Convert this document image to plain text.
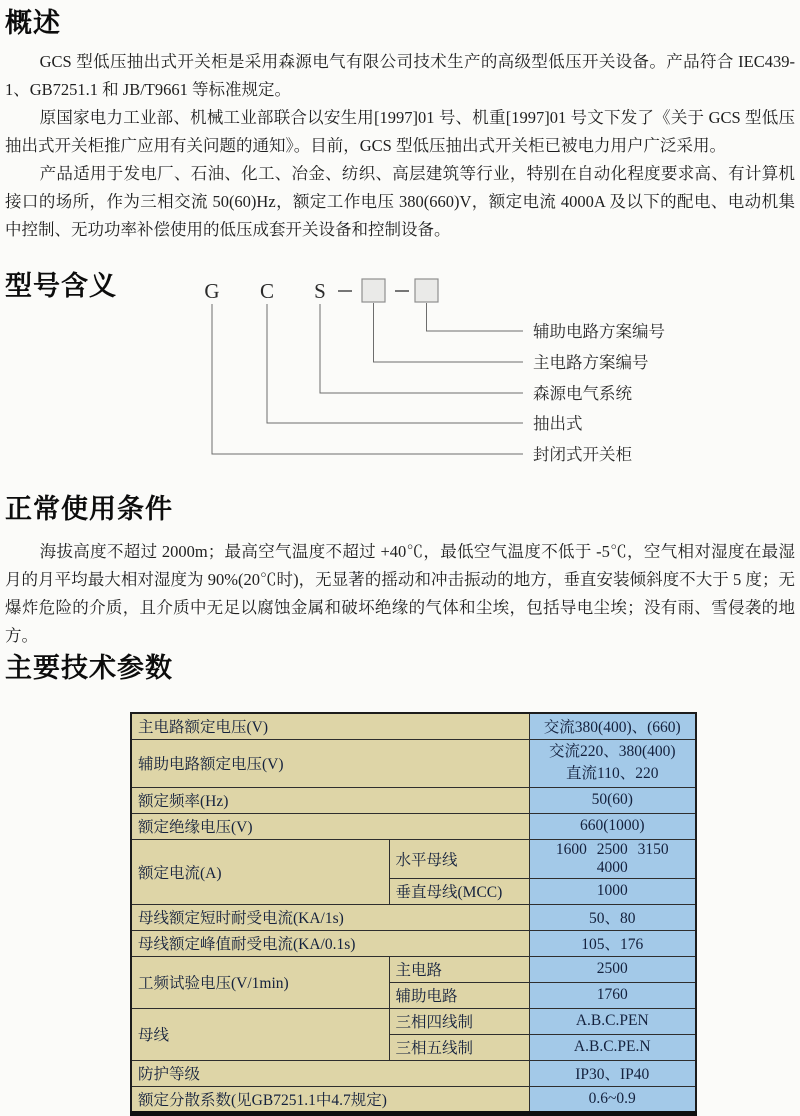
概述

GCS 型低压抽出式开关柜是采用森源电气有限公司技术生产的高级型低压开关设备。产品符合 IEC439-1、GB7251.1 和 JB/T9661 等标准规定。

原国家电力工业部、机械工业部联合以安生用[1997]01 号、机重[1997]01 号文下发了《关于 GCS 型低压抽出式开关柜推广应用有关问题的通知》。目前，GCS 型低压抽出式开关柜已被电力用户广泛采用。

产品适用于发电厂、石油、化工、冶金、纺织、高层建筑等行业，特别在自动化程度要求高、有计算机接口的场所，作为三相交流 50(60)Hz，额定工作电压 380(660)V，额定电流 4000A 及以下的配电、电动机集中控制、无功功率补偿使用的低压成套开关设备和控制设备。

型号含义	G C S
辅助电路方案编号
主电路方案编号
森源电气系统
抽出式
封闭式开关柜
正常使用条件

海拔高度不超过 2000m；最高空气温度不超过 +40℃，最低空气温度不低于 -5℃，空气相对湿度在最湿月的月平均最大相对湿度为 90%(20℃时)，无显著的摇动和冲击振动的地方，垂直安装倾斜度不大于 5 度；无爆炸危险的介质，且介质中无足以腐蚀金属和破坏绝缘的气体和尘埃，包括导电尘埃；没有雨、雪侵袭的地方。

主要技术参数
主电路额定电压(V)		交流380(400)、(660)
辅助电路额定电压(V)		交流220、380(400)
直流110、220

额定频率(Hz)		50(60)
额定绝缘电压(V)		660(1000)
额定电流(A)	水平母线	1600 2500 3150 4000
	垂直母线(MCC)	1000
母线额定短时耐受电流(KA/1s)		50、80
母线额定峰值耐受电流(KA/0.1s)		105、176
工频试验电压(V/1min)	主电路	2500
	辅助电路	1760
母线	三相四线制	A.B.C.PEN
	三相五线制	A.B.C.PE.N
防护等级		IP30、IP40
额定分散系数(见GB7251.1中4.7规定)		0.6~0.9
